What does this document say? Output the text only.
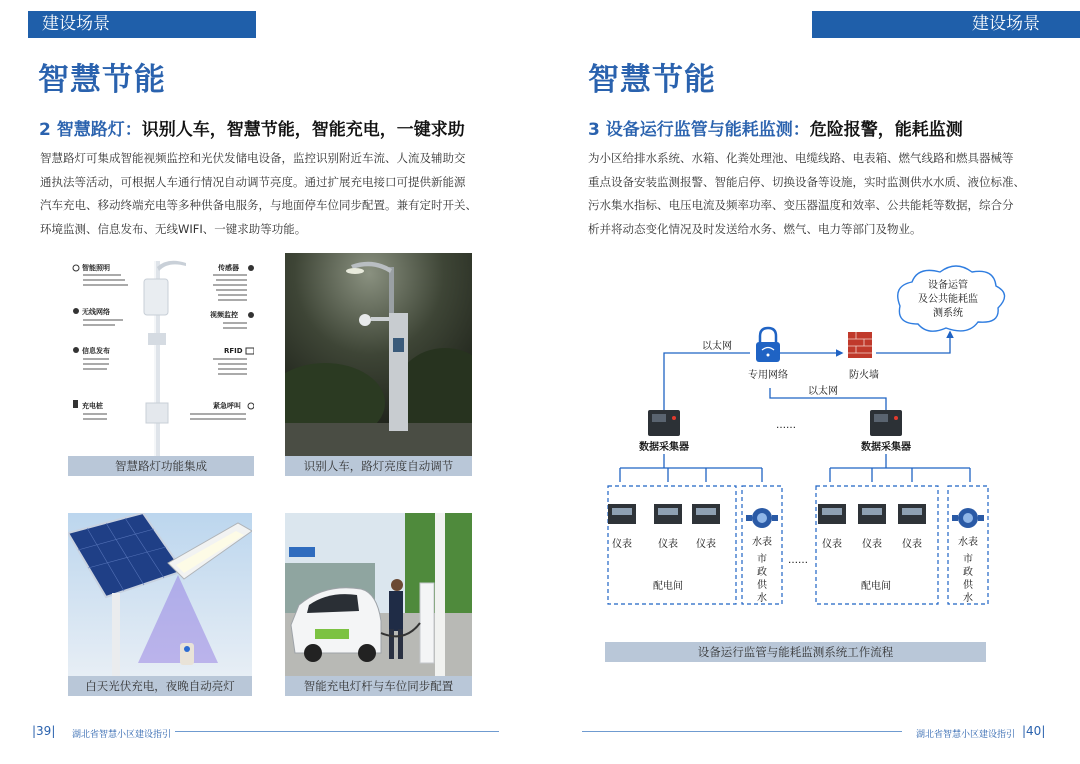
建设场景
智慧节能
2 智慧路灯：识别人车，智慧节能，智能充电，一键求助
智慧路灯可集成智能视频监控和光伏发储电设备，监控识别附近车流、人流及辅助交
通执法等活动，可根据人车通行情况自动调节亮度。通过扩展充电接口可提供新能源
汽车充电、移动终端充电等多种供备电服务，与地面停车位同步配置。兼有定时开关、
环境监测、信息发布、无线WIFI、一键求助等功能。
智能照明
无线网络
信息发布
充电桩
传感器
视频监控
RFID
紧急呼叫
智慧路灯功能集成	识别人车，路灯亮度自动调节
白天光伏充电，夜晚自动亮灯	智能充电灯杆与车位同步配置
|39| 湖北省智慧小区建设指引
建设场景
智慧节能
3 设备运行监管与能耗监测：危险报警，能耗监测
为小区给排水系统、水箱、化粪处理池、电缆线路、电表箱、燃气线路和燃具器械等
重点设备安装监测报警、智能启停、切换设备等设施，实时监测供水水质、液位标准、
污水集水指标、电压电流及频率功率、变压器温度和效率、公共能耗等数据，综合分
析并将动态变化情况及时发送给水务、燃气、电力等部门及物业。
设备运管
及公共能耗监
测系统
以太网
以太网
专用网络	防火墙
数据采集器
……
数据采集器
仪表	仪表 仪表
配电间
水表
市
政
供
水
……
仪表 仪表 仪表
配电间
水表
市
政
供
水
设备运行监管与能耗监测系统工作流程
湖北省智慧小区建设指引 |40|
